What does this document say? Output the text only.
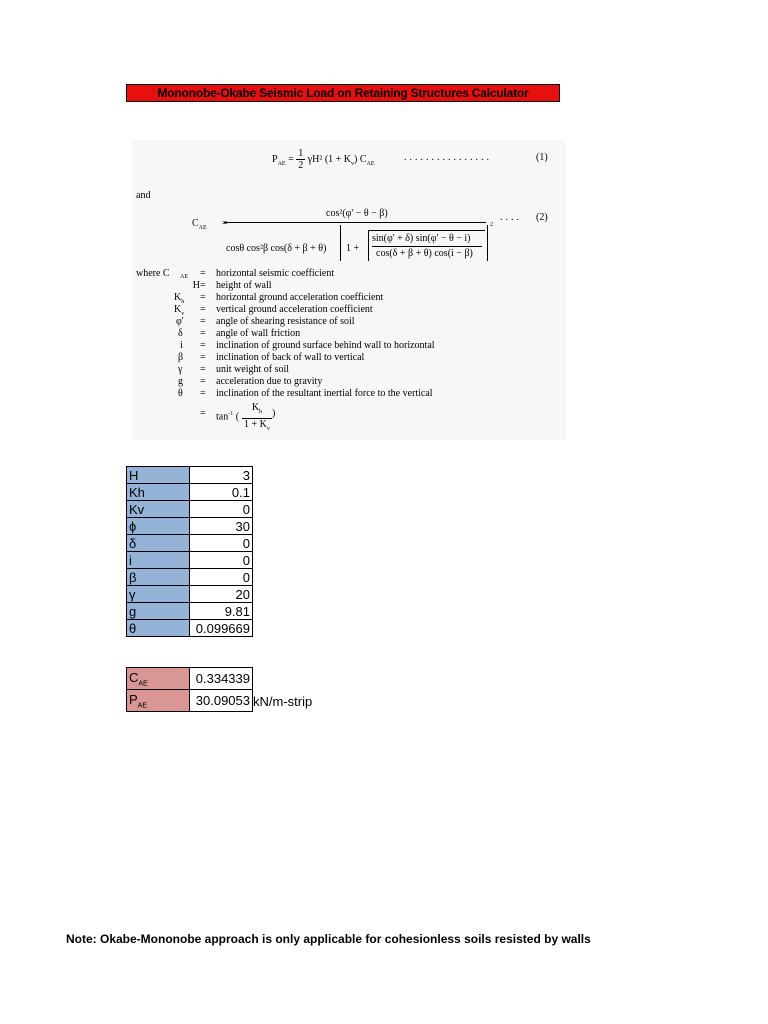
Mononobe-Okabe Seismic Load on Retaining Structures Calculator
$P_{AE} = \frac{1}{2} \gamma H^2$ $(1 + K_v)$ $C_{AE}$
................	(1)
and
$C_{AE}$ =
cos²(φ' − θ − β)
cosθ cos²β cos(δ + β + θ) 1 +
sin(φ' + δ) sin(φ' − θ − i)
cos(δ + β + θ) cos(i − β)
2
.... (2)
where C AE = horizontal seismic coefficient
H = height of wall
$K_h$ = horizontal ground acceleration coefficient
$K_v$ = vertical ground acceleration coefficient
φ' = angle of shearing resistance of soil
δ = angle of wall friction
i = inclination of ground surface behind wall to horizontal
β = inclination of back of wall to vertical
γ = unit weight of soil
g = acceleration due to gravity
θ = inclination of the resultant inertial force to the vertical
= $\tan^{-1}$ ( $\frac{K_h}{1 + K_v}$ )
H	3
Kh	0.1
Kv	0
ϕ	30
δ	0
i	0
β	0
γ	20
g	9.81
θ	0.099669
$C_{AE}$	0.334339
$P_{AE}$	30.09053 kN/m-strip
Note: Okabe-Mononobe approach is only applicable for cohesionless soils resisted by walls
